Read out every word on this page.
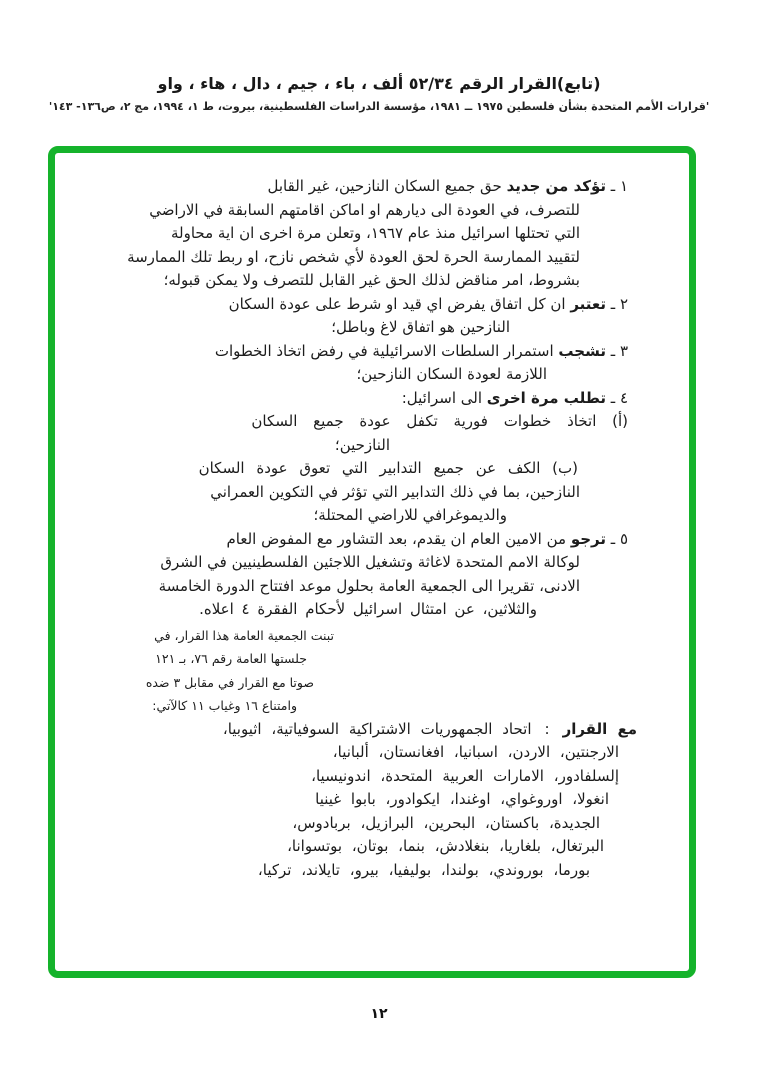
(تابع)القرار الرقم ٥٢/٣٤ ألف ، باء ، جيم ، دال ، هاء ، واو
'قرارات الأمم المتحدة بشأن فلسطين ١٩٧٥ ــ ١٩٨١، مؤسسة الدراسات الفلسطينية، بيروت، ط ١، ١٩٩٤، مج ٢، ص١٣٦- ١٤٣'
١ ـ تؤكد من جديد حق جميع السكان النازحين، غير القابل
للتصرف، في العودة الى ديارهم او اماكن اقامتهم السابقة في الاراضي
التي تحتلها اسرائيل منذ عام ١٩٦٧، وتعلن مرة اخرى ان اية محاولة
لتقييد الممارسة الحرة لحق العودة لأي شخص نازح، او ربط تلك الممارسة
بشروط، امر مناقض لذلك الحق غير القابل للتصرف ولا يمكن قبوله؛
٢ ـ تعتبر ان كل اتفاق يفرض اي قيد او شرط على عودة السكان
النازحين هو اتفاق لاغ وباطل؛
٣ ـ تشجب استمرار السلطات الاسرائيلية في رفض اتخاذ الخطوات
اللازمة لعودة السكان النازحين؛
٤ ـ تطلب مرة اخرى الى اسرائيل:
(أ) اتخاذ خطوات فورية تكفل عودة جميع السكان
النازحين؛
(ب) الكف عن جميع التدابير التي تعوق عودة السكان
النازحين، بما في ذلك التدابير التي تؤثر في التكوين العمراني
والديموغرافي للاراضي المحتلة؛
٥ ـ ترجو من الامين العام ان يقدم، بعد التشاور مع المفوض العام
لوكالة الامم المتحدة لاغاثة وتشغيل اللاجئين الفلسطينيين في الشرق
الادنى، تقريرا الى الجمعية العامة بحلول موعد افتتاح الدورة الخامسة
والثلاثين، عن امتثال اسرائيل لأحكام الفقرة ٤ اعلاه.
تبنت الجمعية العامة هذا القرار، في
جلستها العامة رقم ٧٦، بـ ١٢١
صوتا مع القرار في مقابل ٣ ضده
وامتناع ١٦ وغياب ١١ كالآتي:
مع القرار:اتحاد الجمهوريات الاشتراكية السوفياتية، اثيوبيا،
الارجنتين، الاردن، اسبانيا، افغانستان، ألبانيا،
إلسلفادور، الامارات العربية المتحدة، اندونيسيا،
انغولا، اوروغواي، اوغندا، ايكوادور، بابوا غينيا
الجديدة، باكستان، البحرين، البرازيل، بربادوس،
البرتغال، بلغاريا، بنغلادش، بنما، بوتان، بوتسوانا،
بورما، بوروندي، بولندا، بوليفيا، بيرو، تايلاند، تركيا،
١٢
